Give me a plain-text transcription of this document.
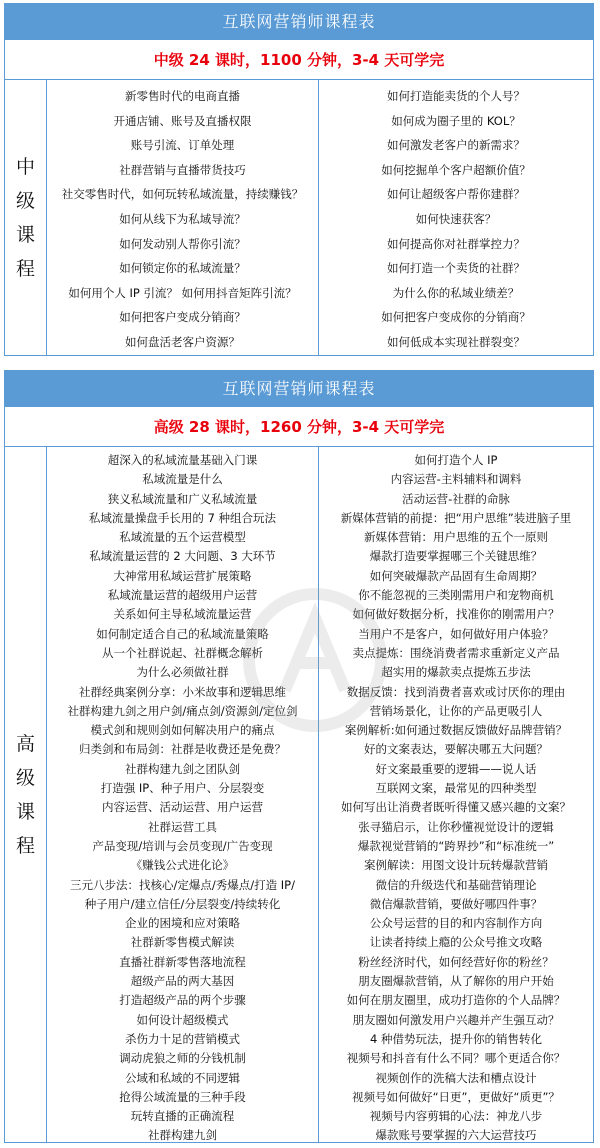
互联网营销师课程表
中级 24 课时，1100 分钟，3-4 天可学完
中级课程
新零售时代的电商直播
开通店铺、账号及直播权限
账号引流、订单处理
社群营销与直播带货技巧
社交零售时代，如何玩转私域流量，持续赚钱？
如何从线下为私域导流？
如何发动别人帮你引流？
如何锁定你的私域流量？
如何用个人 IP 引流？ 如何用抖音矩阵引流？
如何把客户变成分销商？
如何盘活老客户资源？
如何打造能卖货的个人号？
如何成为圈子里的 KOL？
如何激发老客户的新需求？
如何挖掘单个客户超额价值？
如何让超级客户帮你建群？
如何快速获客？
如何提高你对社群掌控力？
如何打造一个卖货的社群？
为什么你的私域业绩差？
如何把客户变成你的分销商？
如何低成本实现社群裂变？
互联网营销师课程表
高级 28 课时，1260 分钟，3-4 天可学完
高级课程
超深入的私域流量基础入门课
私域流量是什么
狭义私域流量和广义私域流量
私域流量操盘手长用的 7 种组合玩法
私域流量的五个运营模型
私域流量运营的 2 大问题、3 大环节
大神常用私域运营扩展策略
私域流量运营的超级用户运营
关系如何主导私域流量运营
如何制定适合自己的私域流量策略
从一个社群说起、社群概念解析
为什么必须做社群
社群经典案例分享：小米故事和逻辑思维
社群构建九剑之用户剑/痛点剑/资源剑/定位剑
模式剑和规则剑如何解决用户的痛点
归类剑和布局剑：社群是收费还是免费？
社群构建九剑之团队剑
打造强 IP、种子用户、分层裂变
内容运营、活动运营、用户运营
社群运营工具
产品变现/培训与会员变现/广告变现
《赚钱公式进化论》
三元八步法：找核心/定爆点/秀爆点/打造 IP/
种子用户/建立信任/分层裂变/持续转化
企业的困境和应对策略
社群新零售模式解读
直播社群新零售落地流程
超级产品的两大基因
打造超级产品的两个步骤
如何设计超级模式
杀伤力十足的营销模式
调动虎狼之师的分钱机制
公域和私域的不同逻辑
抢得公域流量的三种手段
玩转直播的正确流程
社群构建九剑
如何打造个人 IP
内容运营-主料辅料和调料
活动运营-社群的命脉
新媒体营销的前提：把“用户思维”装进脑子里
新媒体营销：用户思维的五个一原则
爆款打造要掌握哪三个关键思维？
如何突破爆款产品固有生命周期？
你不能忽视的三类刚需用户和宠物商机
如何做好数据分析，找准你的刚需用户？
当用户不是客户，如何做好用户体验？
卖点提炼：围绕消费者需求重新定义产品
超实用的爆款卖点提炼五步法
数据反馈：找到消费者喜欢或讨厌你的理由
营销场景化，让你的产品更吸引人
案例解析:如何通过数据反馈做好品牌营销？
好的文案表达，要解决哪五大问题？
好文案最重要的逻辑——说人话
互联网文案，最常见的四种类型
如何写出让消费者既听得懂又感兴趣的文案？
张寻猫启示，让你秒懂视觉设计的逻辑
爆款视觉营销的“跨界抄”和“标准统一”
案例解读：用图文设计玩转爆款营销
微信的升级迭代和基础营销理论
微信爆款营销，要做好哪四件事？
公众号运营的目的和内容制作方向
让读者持续上瘾的公众号推文攻略
粉丝经济时代，如何经营好你的粉丝？
朋友圈爆款营销，从了解你的用户开始
如何在朋友圈里，成功打造你的个人品牌？
朋友圈如何激发用户兴趣并产生强互动？
4 种借势玩法，提升你的销售转化
视频号和抖音有什么不同？哪个更适合你？
视频创作的洗稿大法和槽点设计
视频号如何做好“日更”，更做好“质更”？
视频号内容剪辑的心法：神龙八步
爆款账号要掌握的六大运营技巧
